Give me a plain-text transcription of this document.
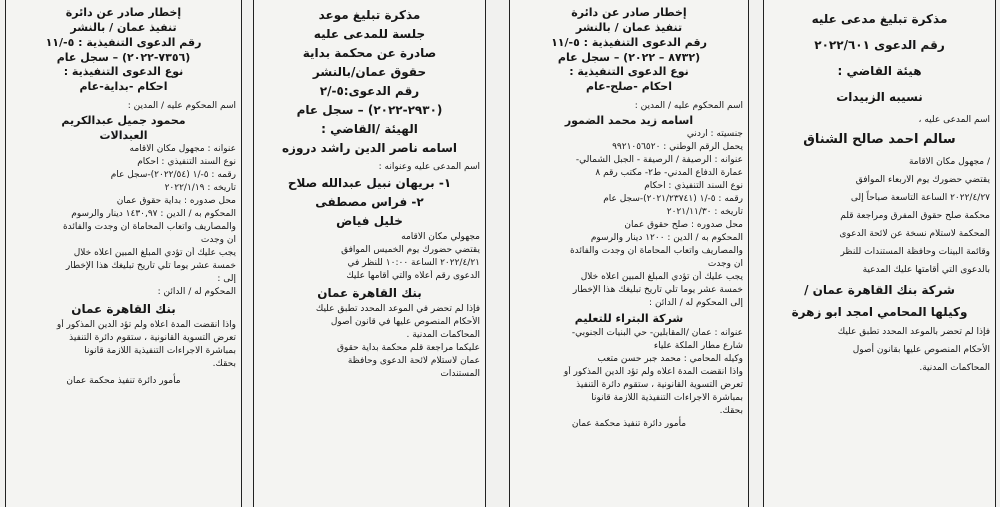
إخطار صادر عن دائرة
تنفيذ عمان / بالنشر
رقم الدعوى التنفيذية : ٥-/١١
(٧٣٥٦-٢٠٢٢) – سجل عام
نوع الدعوى التنفيذية :
احكام -بداية-عام
اسم المحكوم عليه / المدين :
محمود جميل عبدالكريم
العبدالات
عنوانه : مجهول مكان الاقامه
نوع السند التنفيذي : احكام
رقمه : ٥-/١ (٢٠٢٢/٥٤)-سجل عام
تاريخه : ٢٠٢٢/١/١٩
محل صدوره : بداية حقوق عمان
المحكوم به / الدين : ١٤٣٠,٩٧ دينار والرسوم
والمصاريف واتعاب المحاماة ان وجدت والفائدة
ان وجدت
يجب عليك أن تؤدي المبلغ المبين اعلاه خلال
خمسة عشر يوما تلي تاريخ تبليغك هذا الإخطار
إلى :
المحكوم له / الدائن :
بنك القاهرة عمان
واذا انقضت المدة اعلاه ولم تؤد الدين المذكور أو
تعرض التسوية القانونية ، ستقوم دائرة التنفيذ
بمباشرة الاجراءات التنفيذية اللازمة قانونا
بحقك.
مأمور دائرة تنفيذ محكمة عمان
مذكرة تبليغ موعد
جلسة للمدعى عليه
صادرة عن محكمة بداية
حقوق عمان/بالنشر
رقم الدعوى:٥-/٢
(٢٩٣٠-٢٠٢٢) – سجل عام
الهيئة /القاضي :
اسامه ناصر الدين راشد دروزه
اسم المدعى عليه وعنوانه :
١- بريهان نبيل عبدالله صلاح
٢- فراس مصطفى
خليل فياض
مجهولي مكان الاقامه
يقتضي حضورك يوم الخميس الموافق
٢٠٢٢/٤/٢١ الساعة ١٠:٠٠ للنظر في
الدعوى رقم أعلاه والتي أقامها عليك
بنك القاهرة عمان
فإذا لم تحضر في الموعد المحدد تطبق عليك
الأحكام المنصوص عليها في قانون أصول
المحاكمات المدنية .
عليكما مراجعة قلم محكمة بداية حقوق
عمان لاستلام لائحة الدعوى وحافظة
المستندات
إخطار صادر عن دائرة
تنفيذ عمان / بالنشر
رقم الدعوى التنفيذية : ٥-/١١
(٨٧٣٢ – ٢٠٢٢) – سجل عام
نوع الدعوى التنفيذية :
احكام -صلح-عام
اسم المحكوم عليه / المدين :
اسامه زيد محمد الضمور
جنسيته : اردني
يحمل الرقم الوطني : ٩٩٢١٠٥٦٥٢٠
عنوانه : الرصيفة / الرصيفة - الجبل الشمالي-
عمارة الدفاع المدني- ط٢- مكتب رقم ٨
نوع السند التنفيذي : احكام
رقمه : ٥-/١ (٢٠٢١/٢٣٧٤١)-سجل عام
تاريخه : ٢٠٢١/١١/٣٠
محل صدوره : صلح حقوق عمان
المحكوم به / الدين : ١٢٠٠ دينار والرسوم
والمصاريف واتعاب المحاماة ان وجدت والفائدة
ان وجدت
يجب عليك أن تؤدي المبلغ المبين اعلاه خلال
خمسة عشر يوما تلي تاريخ تبليغك هذا الإخطار
إلى المحكوم له / الدائن :
شركة البتراء للتعليم
عنوانه : عمان /المقابلين- حي البنيات الجنوبي-
شارع مطار الملكة علياء
وكيله المحامي : محمد جبر حسن متعب
واذا انقضت المدة اعلاه ولم تؤد الدين المذكور أو
تعرض التسوية القانونية ، ستقوم دائرة التنفيذ
بمباشرة الاجراءات التنفيذية اللازمة قانونا
بحقك.
مأمور دائرة تنفيذ محكمة عمان
مذكرة تبليغ مدعى عليه
رقم الدعوى ٢٠٢٢/٦٠١
هيئة القاضي :
نسيبه الزبيدات
اسم المدعى عليه ،
سالم احمد صالح الشناق
/ مجهول مكان الاقامة
يقتضي حضورك يوم الاربعاء الموافق
٢٠٢٢/٤/٢٧ الساعة التاسعة صباحاً إلى
محكمة صلح حقوق المفرق ومراجعة قلم
المحكمة لاستلام نسخة عن لائحة الدعوى
وقائمة البينات وحافظة المستندات للنظر
بالدعوى التي أقامتها عليك المدعية
شركة بنك القاهرة عمان /
وكيلها المحامي امجد ابو زهرة
فإذا لم تحضر بالموعد المحدد تطبق عليك
الأحكام المنصوص عليها بقانون أصول
المحاكمات المدنية.
